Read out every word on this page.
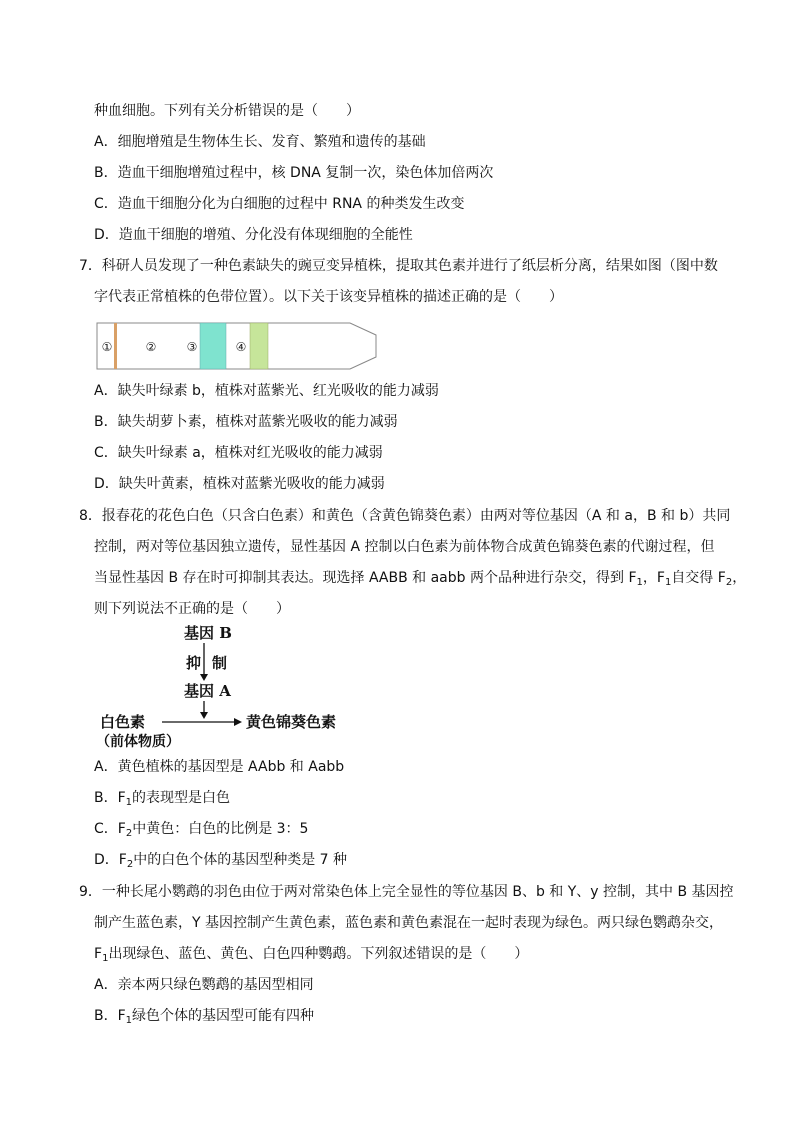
种血细胞。下列有关分析错误的是（　　）
A．细胞增殖是生物体生长、发育、繁殖和遗传的基础
B．造血干细胞增殖过程中，核 DNA 复制一次，染色体加倍两次
C．造血干细胞分化为白细胞的过程中 RNA 的种类发生改变
D．造血干细胞的增殖、分化没有体现细胞的全能性
7．科研人员发现了一种色素缺失的豌豆变异植株，提取其色素并进行了纸层析分离，结果如图（图中数
字代表正常植株的色带位置）。以下关于该变异植株的描述正确的是（　　）
①	②	③	④
A．缺失叶绿素 b，植株对蓝紫光、红光吸收的能力减弱
B．缺失胡萝卜素，植株对蓝紫光吸收的能力减弱
C．缺失叶绿素 a，植株对红光吸收的能力减弱
D．缺失叶黄素，植株对蓝紫光吸收的能力减弱
8．报春花的花色白色（只含白色素）和黄色（含黄色锦葵色素）由两对等位基因（A 和 a，B 和 b）共同
控制，两对等位基因独立遗传，显性基因 A 控制以白色素为前体物合成黄色锦葵色素的代谢过程，但
当显性基因 B 存在时可抑制其表达。现选择 AABB 和 aabb 两个品种进行杂交，得到 $F_1$，$F_1$自交得 $F_2$，
则下列说法不正确的是（　　）
基因 B
抑 制
基因 A
白色素
（前体物质）
黄色锦葵色素
A．黄色植株的基因型是 AAbb 和 Aabb
B．$F_1$的表现型是白色
C．$F_2$中黄色：白色的比例是 3：5
D．$F_2$中的白色个体的基因型种类是 7 种
9．一种长尾小鹦鹉的羽色由位于两对常染色体上完全显性的等位基因 B、b 和 Y、y 控制，其中 B 基因控
制产生蓝色素，Y 基因控制产生黄色素，蓝色素和黄色素混在一起时表现为绿色。两只绿色鹦鹉杂交，
$F_1$出现绿色、蓝色、黄色、白色四种鹦鹉。下列叙述错误的是（　　）
A．亲本两只绿色鹦鹉的基因型相同
B．$F_1$绿色个体的基因型可能有四种
